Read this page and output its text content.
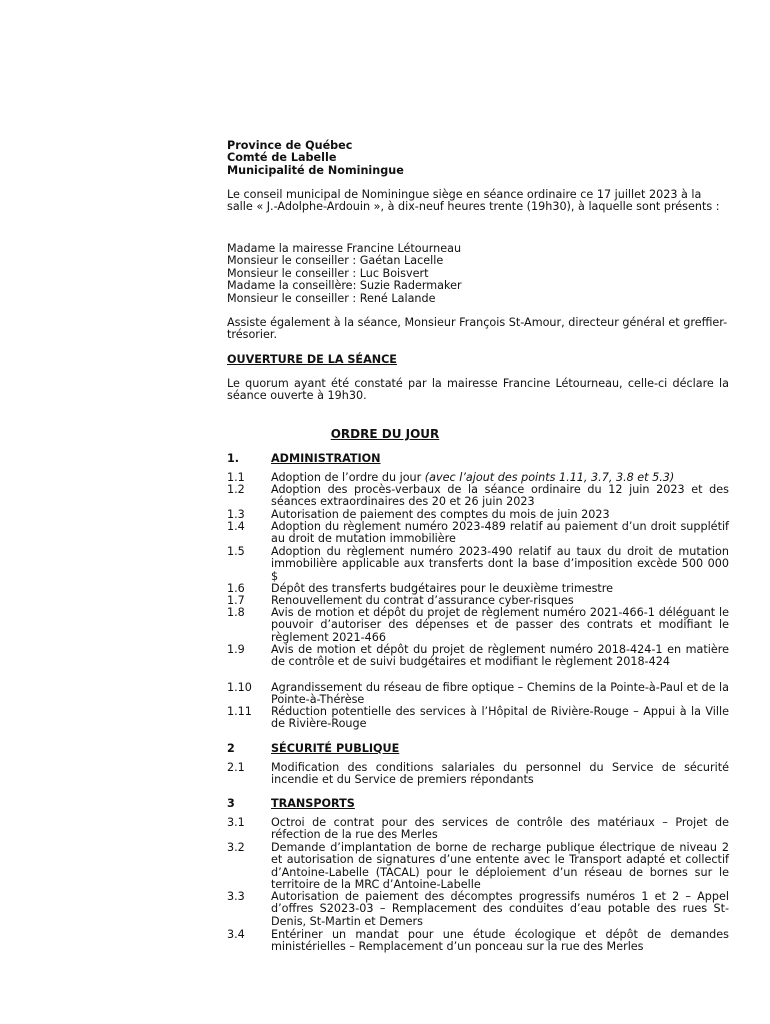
Province de Québec
Comté de Labelle
Municipalité de Nominingue
Le conseil municipal de Nominingue siège en séance ordinaire ce 17 juillet 2023 à la salle « J.-Adolphe-Ardouin », à dix-neuf heures trente (19h30), à laquelle sont présents :
Madame la mairesse Francine Létourneau
Monsieur le conseiller : Gaétan Lacelle
Monsieur le conseiller : Luc Boisvert
Madame la conseillère: Suzie Radermaker
Monsieur le conseiller : René Lalande
Assiste également à la séance, Monsieur François St-Amour, directeur général et greffier-trésorier.
OUVERTURE DE LA SÉANCE
Le quorum ayant été constaté par la mairesse Francine Létourneau, celle-ci déclare la séance ouverte à 19h30.
ORDRE DU JOUR
1.	ADMINISTRATION
1.1 Adoption de l’ordre du jour (avec l’ajout des points 1.11, 3.7, 3.8 et 5.3)
1.2 Adoption des procès-verbaux de la séance ordinaire du 12 juin 2023 et des séances extraordinaires des 20 et 26 juin 2023
1.3 Autorisation de paiement des comptes du mois de juin 2023
1.4 Adoption du règlement numéro 2023-489 relatif au paiement d’un droit supplétif au droit de mutation immobilière
1.5 Adoption du règlement numéro 2023-490 relatif au taux du droit de mutation immobilière applicable aux transferts dont la base d’imposition excède 500 000 $
1.6 Dépôt des transferts budgétaires pour le deuxième trimestre
1.7 Renouvellement du contrat d’assurance cyber-risques
1.8 Avis de motion et dépôt du projet de règlement numéro 2021-466-1 déléguant le pouvoir d’autoriser des dépenses et de passer des contrats et modifiant le règlement 2021-466
1.9 Avis de motion et dépôt du projet de règlement numéro 2018-424-1 en matière de contrôle et de suivi budgétaires et modifiant le règlement 2018-424
1.10 Agrandissement du réseau de fibre optique – Chemins de la Pointe-à-Paul et de la Pointe-à-Thérèse
1.11 Réduction potentielle des services à l’Hôpital de Rivière-Rouge – Appui à la Ville de Rivière-Rouge
2	SÉCURITÉ PUBLIQUE
2.1 Modification des conditions salariales du personnel du Service de sécurité incendie et du Service de premiers répondants
3	TRANSPORTS
3.1 Octroi de contrat pour des services de contrôle des matériaux – Projet de réfection de la rue des Merles
3.2 Demande d’implantation de borne de recharge publique électrique de niveau 2 et autorisation de signatures d’une entente avec le Transport adapté et collectif d’Antoine-Labelle (TACAL) pour le déploiement d’un réseau de bornes sur le territoire de la MRC d’Antoine-Labelle
3.3 Autorisation de paiement des décomptes progressifs numéros 1 et 2 – Appel d’offres S2023-03 – Remplacement des conduites d’eau potable des rues St-Denis, St-Martin et Demers
3.4 Entériner un mandat pour une étude écologique et dépôt de demandes ministérielles – Remplacement d’un ponceau sur la rue des Merles
